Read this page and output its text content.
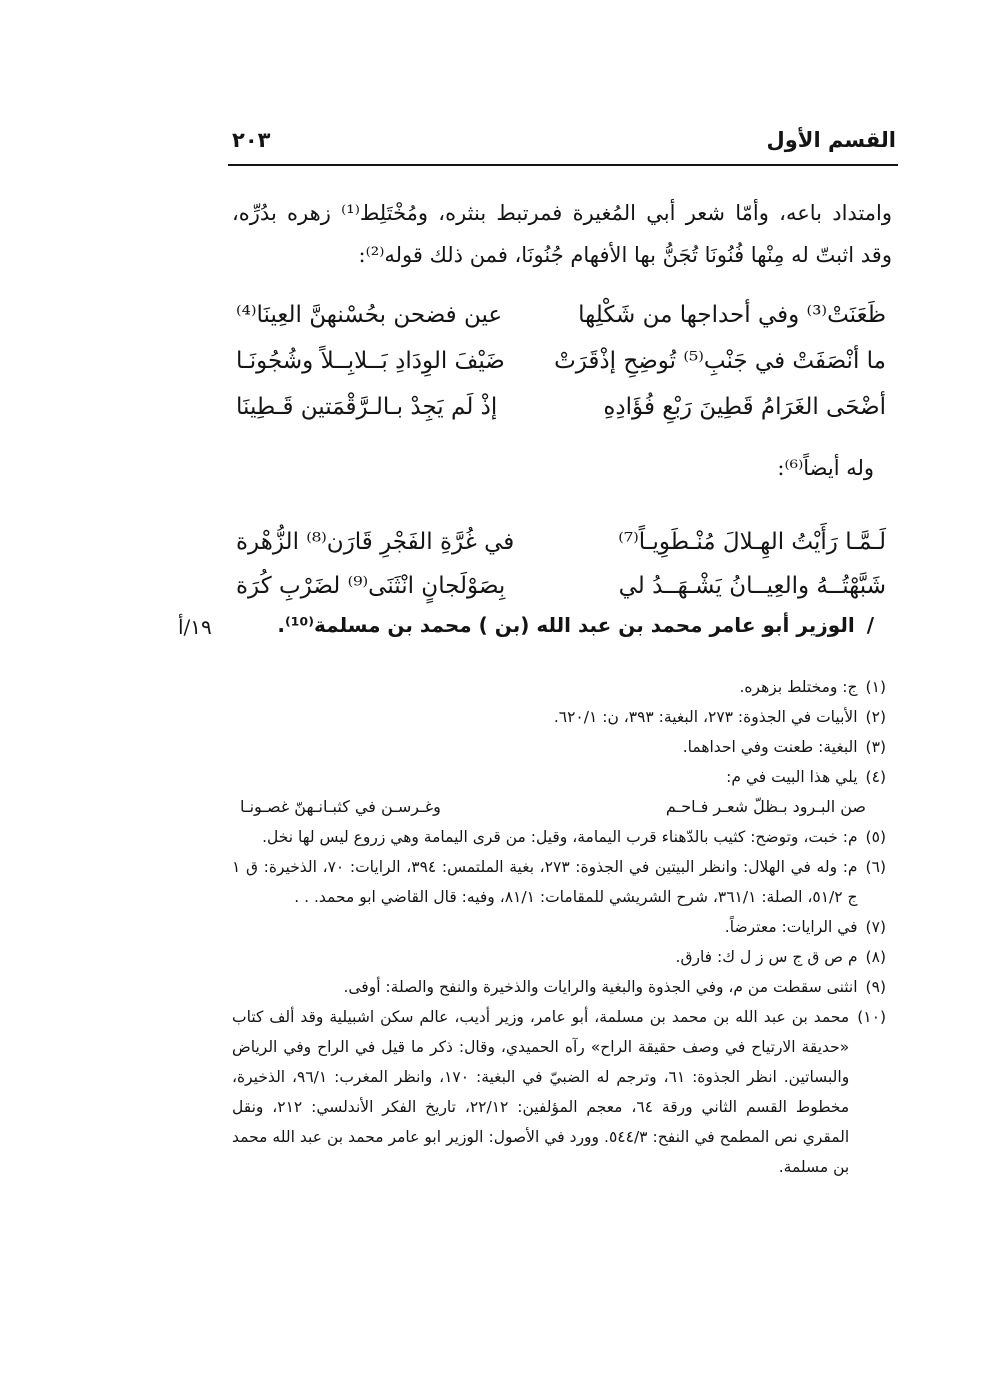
القسم الأول
٢٠٣

وامتداد باعه، وأمّا شعر أبي المُغيرة فمرتبط بنثره، ومُخْتَلِط⁽¹⁾ زهره بدُرِّه، وقد اثبتّ له مِنْها فُنُونَا تُجَنُّ بها الأفهام جُنُونَا، فمن ذلك قوله⁽²⁾:

ظَعَنَتْ⁽³⁾ وفي أحداجها من شَكْلِها
عين فضحن بحُسْنهنَّ العِينَا⁽⁴⁾
ما أنْصَفَتْ في جَنْبِ⁽⁵⁾ تُوضِحِ إذْقَرَتْ
ضَيْفَ الوِدَادِ بَــلابِــلاً وشُجُونَـا
أضْحَى الغَرَامُ قَطِينَ رَبْعِ فُؤَادِهِ
إذْ لَم يَجِدْ بـالـرَّقْمَتين قَـطِينَا

وله أيضاً⁽⁶⁾:

لَـمَّـا رَأَيْتُ الهِـلالَ مُنْـطَوِيـاً⁽⁷⁾
في غُرَّةِ الفَجْرِ قَارَن⁽⁸⁾ الزُّهْرة
شَبَّهْتُــهُ والعِيــانُ يَشْـهَــدُ لي
بِصَوْلَجانٍ انْثَنَى⁽⁹⁾ لضَرْبِ كُرَة

/الوزير أبو عامر محمد بن عبد الله (بن ) محمد بن مسلمة⁽¹⁰⁾.

١٩/أ

(١)
ج: ومختلط بزهره.
(٢)
الأبيات في الجذوة: ٢٧٣، البغية: ٣٩٣، ن: ٦٢٠/١.
(٣)
البغية: طعنت وفي احداهما.
(٤)
يلي هذا البيت في م:
صن البـرود بـظلّ شعـر فـاحـم
وغـرسـن في كثبـانـهنّ غصـونـا
(٥)
م: خبت، وتوضح: كثيب بالدّهناء قرب اليمامة، وقيل: من قرى اليمامة وهي زروع ليس لها نخل.
(٦)
م: وله في الهلال: وانظر البيتين في الجذوة: ٢٧٣، بغية الملتمس: ٣٩٤، الرايات: ٧٠، الذخيرة: ق ١ ج ٥١/٢، الصلة: ٣٦١/١، شرح الشريشي للمقامات: ٨١/١، وفيه: قال القاضي ابو محمد. . .
(٧)
في الرايات: معترضاً.
(٨)
م ص ق ج س ز ل ك: فارق.
(٩)
انثنى سقطت من م، وفي الجذوة والبغية والرايات والذخيرة والنفح والصلة: أوفى.
(١٠)
محمد بن عبد الله بن محمد بن مسلمة، أبو عامر، وزير أديب، عالم سكن اشبيلية وقد ألف كتاب «حديقة الارتياح في وصف حقيقة الراح» رآه الحميدي، وقال: ذكر ما قيل في الراح وفي الرياض والبساتين. انظر الجذوة: ٦١، وترجم له الضبيّ في البغية: ١٧٠، وانظر المغرب: ٩٦/١، الذخيرة، مخطوط القسم الثاني ورقة ٦٤، معجم المؤلفين: ٢٢/١٢، تاريخ الفكر الأندلسي: ٢١٢، ونقل المقري نص المطمح في النفح: ٥٤٤/٣. وورد في الأصول: الوزير ابو عامر محمد بن عبد الله محمد بن مسلمة.
